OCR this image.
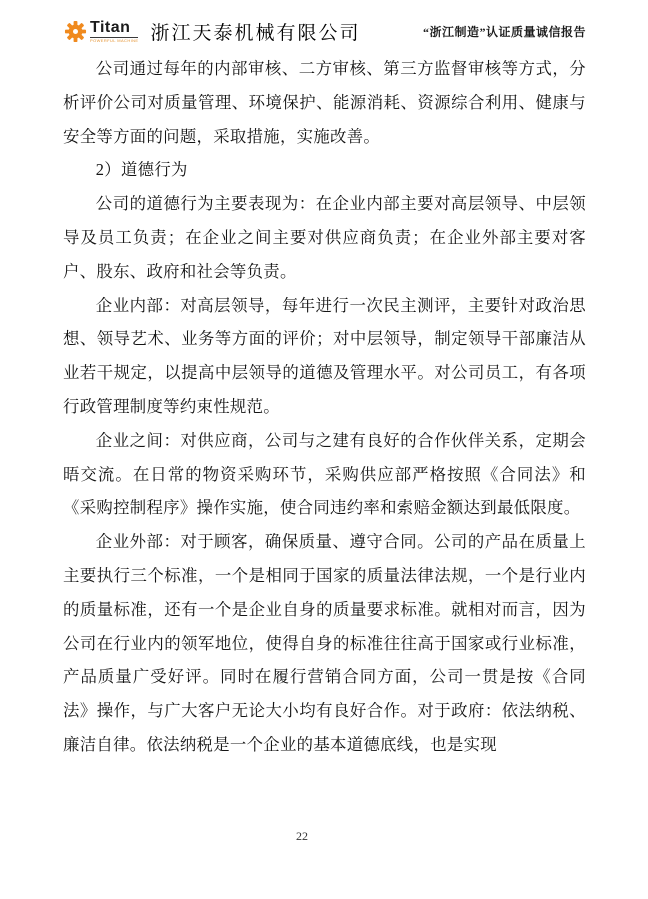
Titan
POWERFUL MACHINE 浙江天泰机械有限公司	“浙江制造”认证质量诚信报告

公司通过每年的内部审核、二方审核、第三方监督审核等方式，分析评价公司对质量管理、环境保护、能源消耗、资源综合利用、健康与安全等方面的问题，采取措施，实施改善。

2）道德行为

公司的道德行为主要表现为：在企业内部主要对高层领导、中层领导及员工负责；在企业之间主要对供应商负责；在企业外部主要对客户、股东、政府和社会等负责。

企业内部：对高层领导，每年进行一次民主测评，主要针对政治思想、领导艺术、业务等方面的评价；对中层领导，制定领导干部廉洁从业若干规定，以提高中层领导的道德及管理水平。对公司员工，有各项行政管理制度等约束性规范。

企业之间：对供应商，公司与之建有良好的合作伙伴关系，定期会晤交流。在日常的物资采购环节，采购供应部严格按照《合同法》和《采购控制程序》操作实施，使合同违约率和索赔金额达到最低限度。

企业外部：对于顾客，确保质量、遵守合同。公司的产品在质量上主要执行三个标准，一个是相同于国家的质量法律法规，一个是行业内的质量标准，还有一个是企业自身的质量要求标准。就相对而言，因为公司在行业内的领军地位，使得自身的标准往往高于国家或行业标准，产品质量广受好评。同时在履行营销合同方面，公司一贯是按《合同法》操作，与广大客户无论大小均有良好合作。对于政府：依法纳税、廉洁自律。依法纳税是一个企业的基本道德底线，也是实现

22
